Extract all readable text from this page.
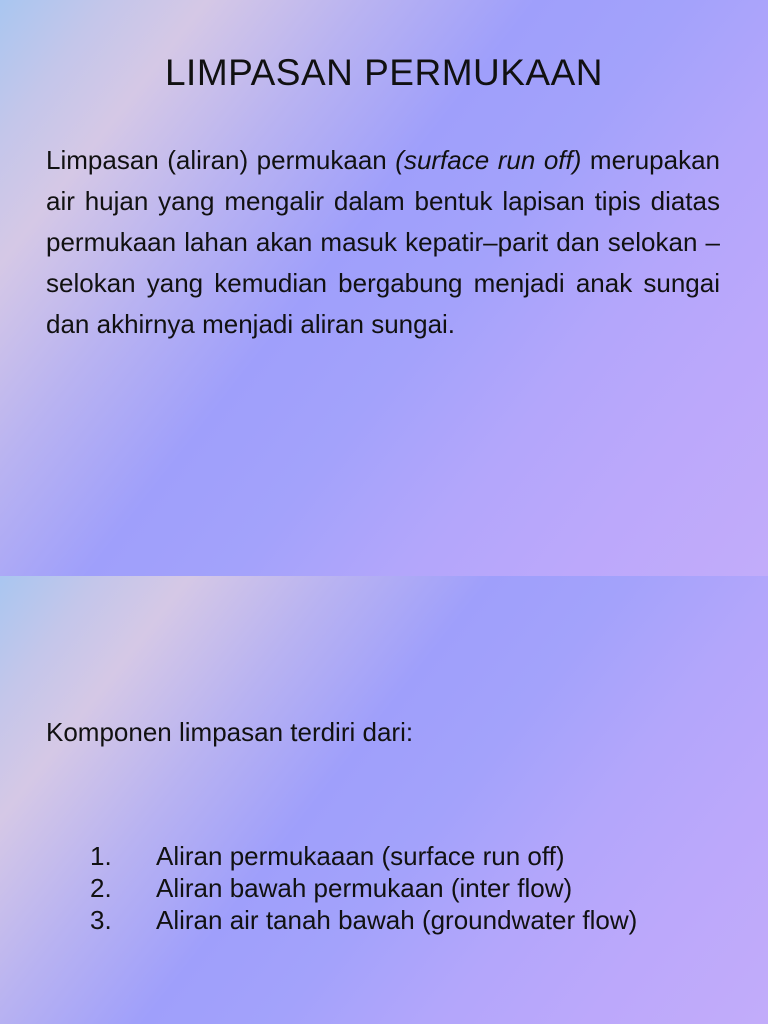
LIMPASAN PERMUKAAN

Limpasan (aliran) permukaan (surface run off) merupakan air hujan yang mengalir dalam bentuk lapisan tipis diatas permukaan lahan akan masuk kepatir–parit dan selokan – selokan yang kemudian bergabung menjadi anak sungai dan akhirnya menjadi aliran sungai.

Komponen limpasan terdiri dari:

1.	Aliran permukaaan (surface run off)
2.	Aliran bawah permukaan (inter flow)
3.	Aliran air tanah bawah (groundwater flow)
